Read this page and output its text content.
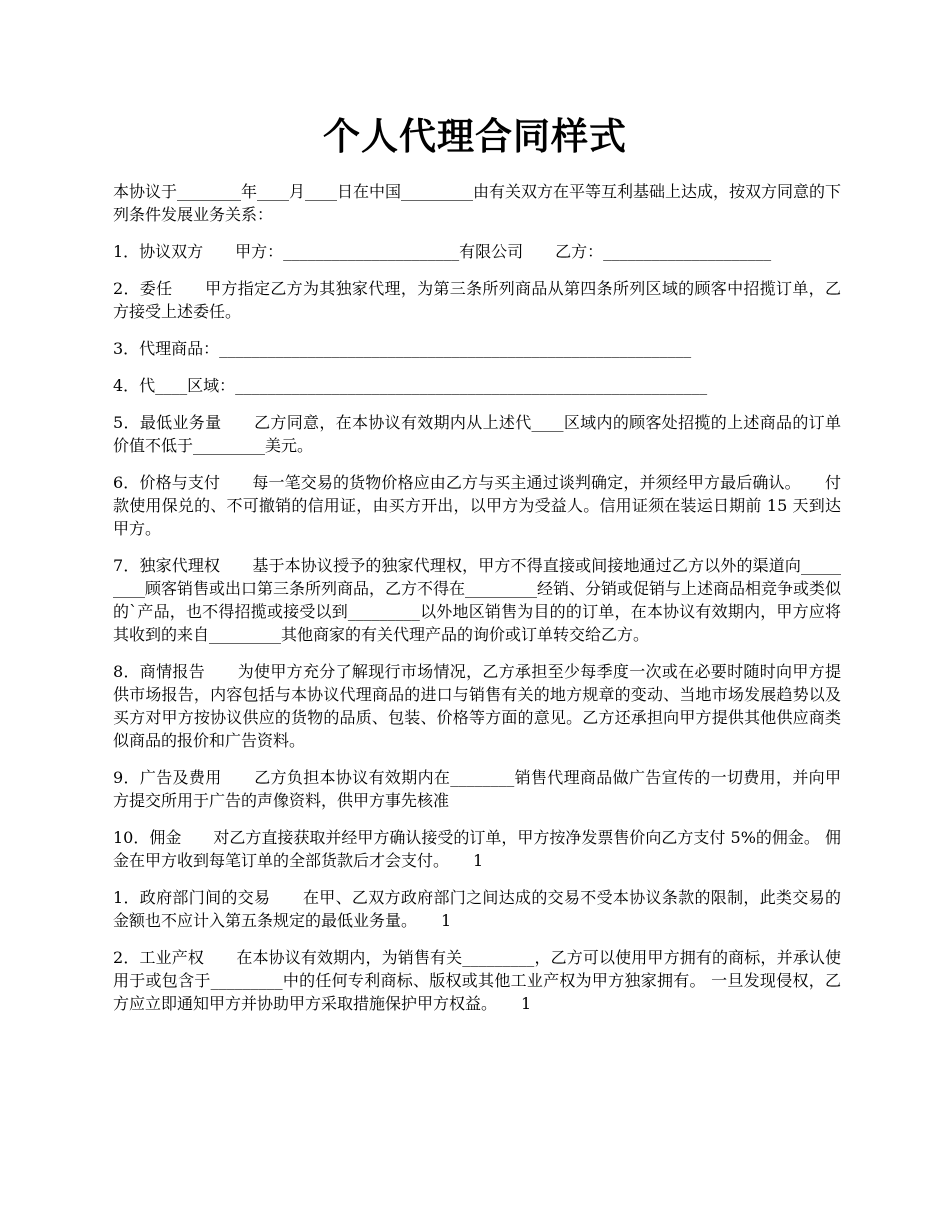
个人代理合同样式

本协议于________年____月____日在中国_________由有关双方在平等互利基础上达成，按双方同意的下列条件发展业务关系：

1．协议双方　　甲方：______________________有限公司　　乙方：_____________________

2．委任　　甲方指定乙方为其独家代理，为第三条所列商品从第四条所列区域的顾客中招揽订单，乙方接受上述委任。

3．代理商品：___________________________________________________________

4．代____区域：___________________________________________________________

5．最低业务量　　乙方同意，在本协议有效期内从上述代____区域内的顾客处招揽的上述商品的订单价值不低于_________美元。

6．价格与支付　　每一笔交易的货物价格应由乙方与买主通过谈判确定，并须经甲方最后确认。　　付款使用保兑的、不可撤销的信用证，由买方开出，以甲方为受益人。信用证须在装运日期前 15 天到达甲方。

7．独家代理权　　基于本协议授予的独家代理权，甲方不得直接或间接地通过乙方以外的渠道向_________顾客销售或出口第三条所列商品，乙方不得在_________经销、分销或促销与上述商品相竞争或类似的`产品，也不得招揽或接受以到_________以外地区销售为目的的订单，在本协议有效期内，甲方应将其收到的来自_________其他商家的有关代理产品的询价或订单转交给乙方。

8．商情报告　　为使甲方充分了解现行市场情况，乙方承担至少每季度一次或在必要时随时向甲方提供市场报告，内容包括与本协议代理商品的进口与销售有关的地方规章的变动、当地市场发展趋势以及买方对甲方按协议供应的货物的品质、包装、价格等方面的意见。乙方还承担向甲方提供其他供应商类似商品的报价和广告资料。

9．广告及费用　　乙方负担本协议有效期内在________销售代理商品做广告宣传的一切费用，并向甲方提交所用于广告的声像资料，供甲方事先核准

10．佣金　　对乙方直接获取并经甲方确认接受的订单，甲方按净发票售价向乙方支付 5%的佣金。 佣金在甲方收到每笔订单的全部货款后才会支付。　　1

1．政府部门间的交易　　在甲、乙双方政府部门之间达成的交易不受本协议条款的限制，此类交易的金额也不应计入第五条规定的最低业务量。　　1

2．工业产权　　在本协议有效期内，为销售有关_________，乙方可以使用甲方拥有的商标，并承认使用于或包含于_________中的任何专利商标、版权或其他工业产权为甲方独家拥有。 一旦发现侵权，乙方应立即通知甲方并协助甲方采取措施保护甲方权益。　　1
